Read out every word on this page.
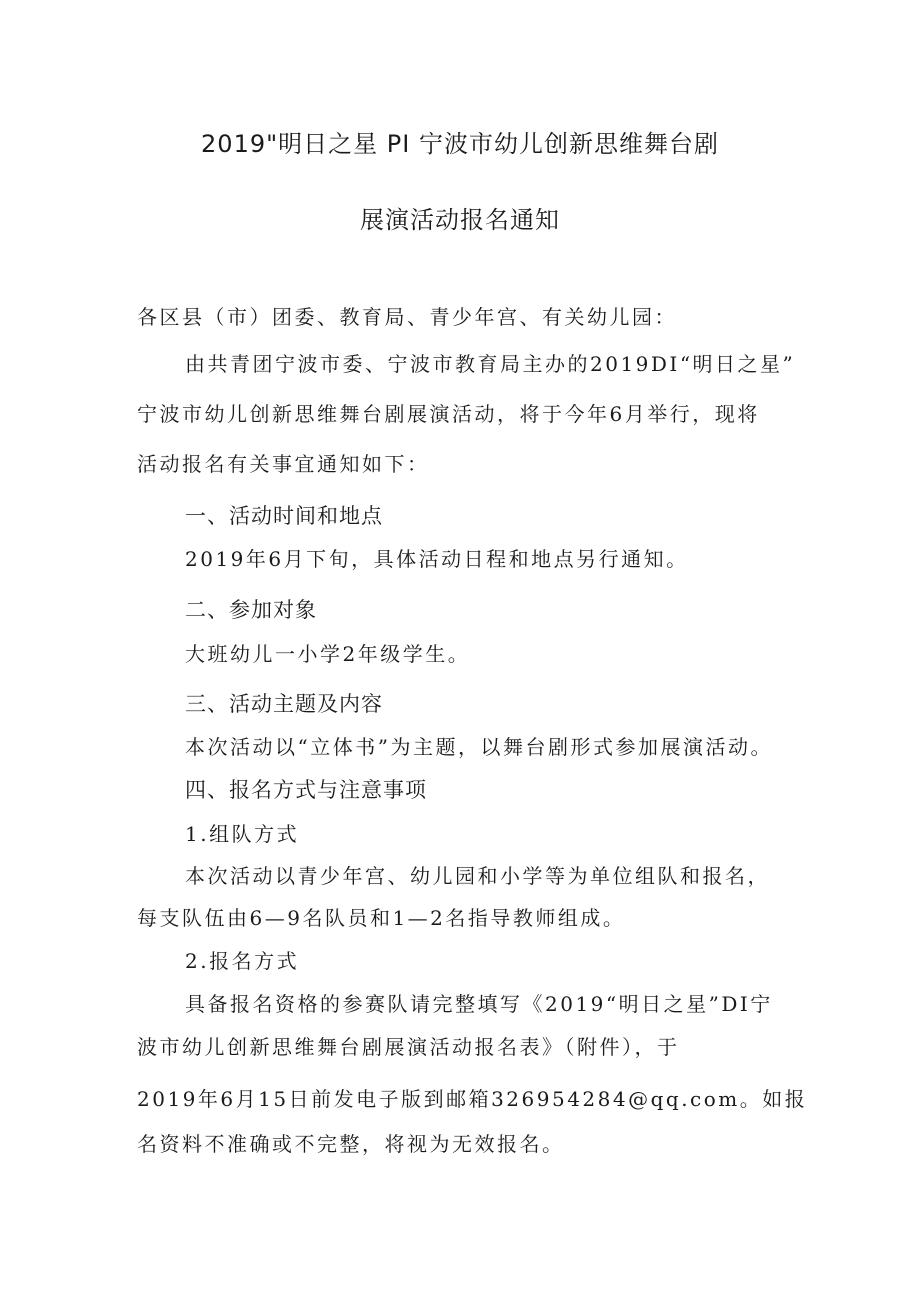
2019"明日之星 PI 宁波市幼儿创新思维舞台剧
展演活动报名通知
各区县（市）团委、教育局、青少年宫、有关幼儿园：
由共青团宁波市委、宁波市教育局主办的2019DI“明日之星”
宁波市幼儿创新思维舞台剧展演活动，将于今年6月举行，现将
活动报名有关事宜通知如下：
一、活动时间和地点
2019年6月下旬，具体活动日程和地点另行通知。
二、参加对象
大班幼儿一小学2年级学生。
三、活动主题及内容
本次活动以“立体书”为主题，以舞台剧形式参加展演活动。
四、报名方式与注意事项
1.组队方式
本次活动以青少年宫、幼儿园和小学等为单位组队和报名，
每支队伍由6—9名队员和1—2名指导教师组成。
2.报名方式
具备报名资格的参赛队请完整填写《2019“明日之星”DI宁
波市幼儿创新思维舞台剧展演活动报名表》（附件），于
2019年6月15日前发电子版到邮箱326954284@qq.com。如报
名资料不准确或不完整，将视为无效报名。
